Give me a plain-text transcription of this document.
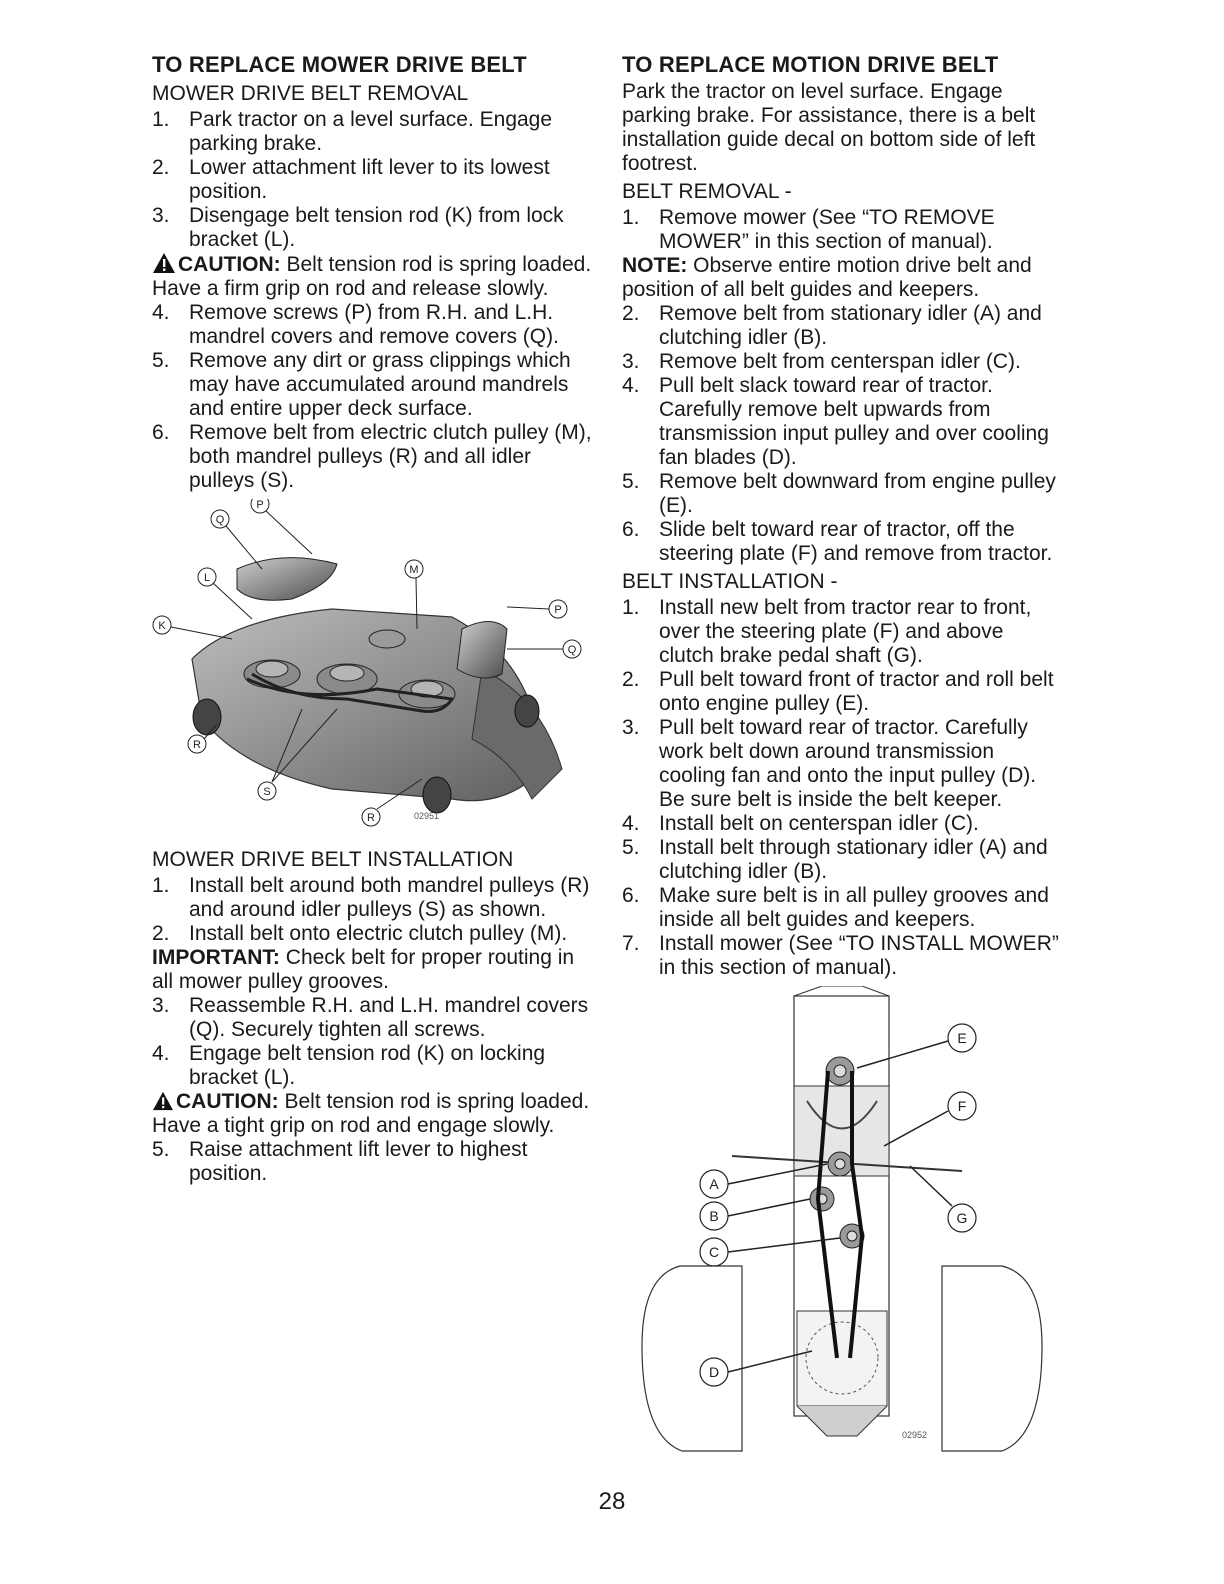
TO REPLACE MOWER DRIVE BELT
MOWER DRIVE BELT REMOVAL
1. Park tractor on a level surface. Engage parking brake.
2. Lower attachment lift lever to its lowest position.
3. Disengage belt tension rod (K) from lock bracket (L).

CAUTION: Belt tension rod is spring loaded. Have a firm grip on rod and release slowly.

4. Remove screws (P) from R.H. and L.H. mandrel covers and remove covers (Q).
5. Remove any dirt or grass clippings which may have accumulated around mandrels and entire upper deck surface.
6. Remove belt from electric clutch pulley (M), both mandrel pulleys (R) and all idler pulleys (S).
Q
P
L
M
K
P
Q
R
S
R	02951
MOWER DRIVE BELT INSTALLATION
1. Install belt around both mandrel pulleys (R) and around idler pulleys (S) as shown.
2. Install belt onto electric clutch pulley (M).

IMPORTANT: Check belt for proper routing in all mower pulley grooves.

3. Reassemble R.H. and L.H. mandrel covers (Q). Securely tighten all screws.
4. Engage belt tension rod (K) on locking bracket (L).

CAUTION: Belt tension rod is spring loaded. Have a tight grip on rod and engage slowly.

5. Raise attachment lift lever to highest position.
TO REPLACE MOTION DRIVE BELT

Park the tractor on level surface. Engage parking brake. For assistance, there is a belt installation guide decal on bottom side of left footrest.

BELT REMOVAL -
1. Remove mower (See “TO REMOVE MOWER” in this section of manual).

NOTE: Observe entire motion drive belt and position of all belt guides and keepers.

2. Remove belt from stationary idler (A) and clutching idler (B).
3. Remove belt from centerspan idler (C).
4. Pull belt slack toward rear of tractor. Carefully remove belt upwards from transmission input pulley and over cooling fan blades (D).
5. Remove belt downward from engine pulley (E).
6. Slide belt toward rear of tractor, off the steering plate (F) and remove from tractor.
BELT INSTALLATION -
1. Install new belt from tractor rear to front, over the steering plate (F) and above clutch brake pedal shaft (G).
2. Pull belt toward front of tractor and roll belt onto engine pulley (E).
3. Pull belt toward rear of tractor. Carefully work belt down around transmission cooling fan and onto the input pulley (D). Be sure belt is inside the belt keeper.
4. Install belt on centerspan idler (C).
5. Install belt through stationary idler (A) and clutching idler (B).
6. Make sure belt is in all pulley grooves and inside all belt guides and keepers.
7. Install mower (See “TO INSTALL MOWER” in this section of manual).
E
F
A
B
C
G
D
02952
28
